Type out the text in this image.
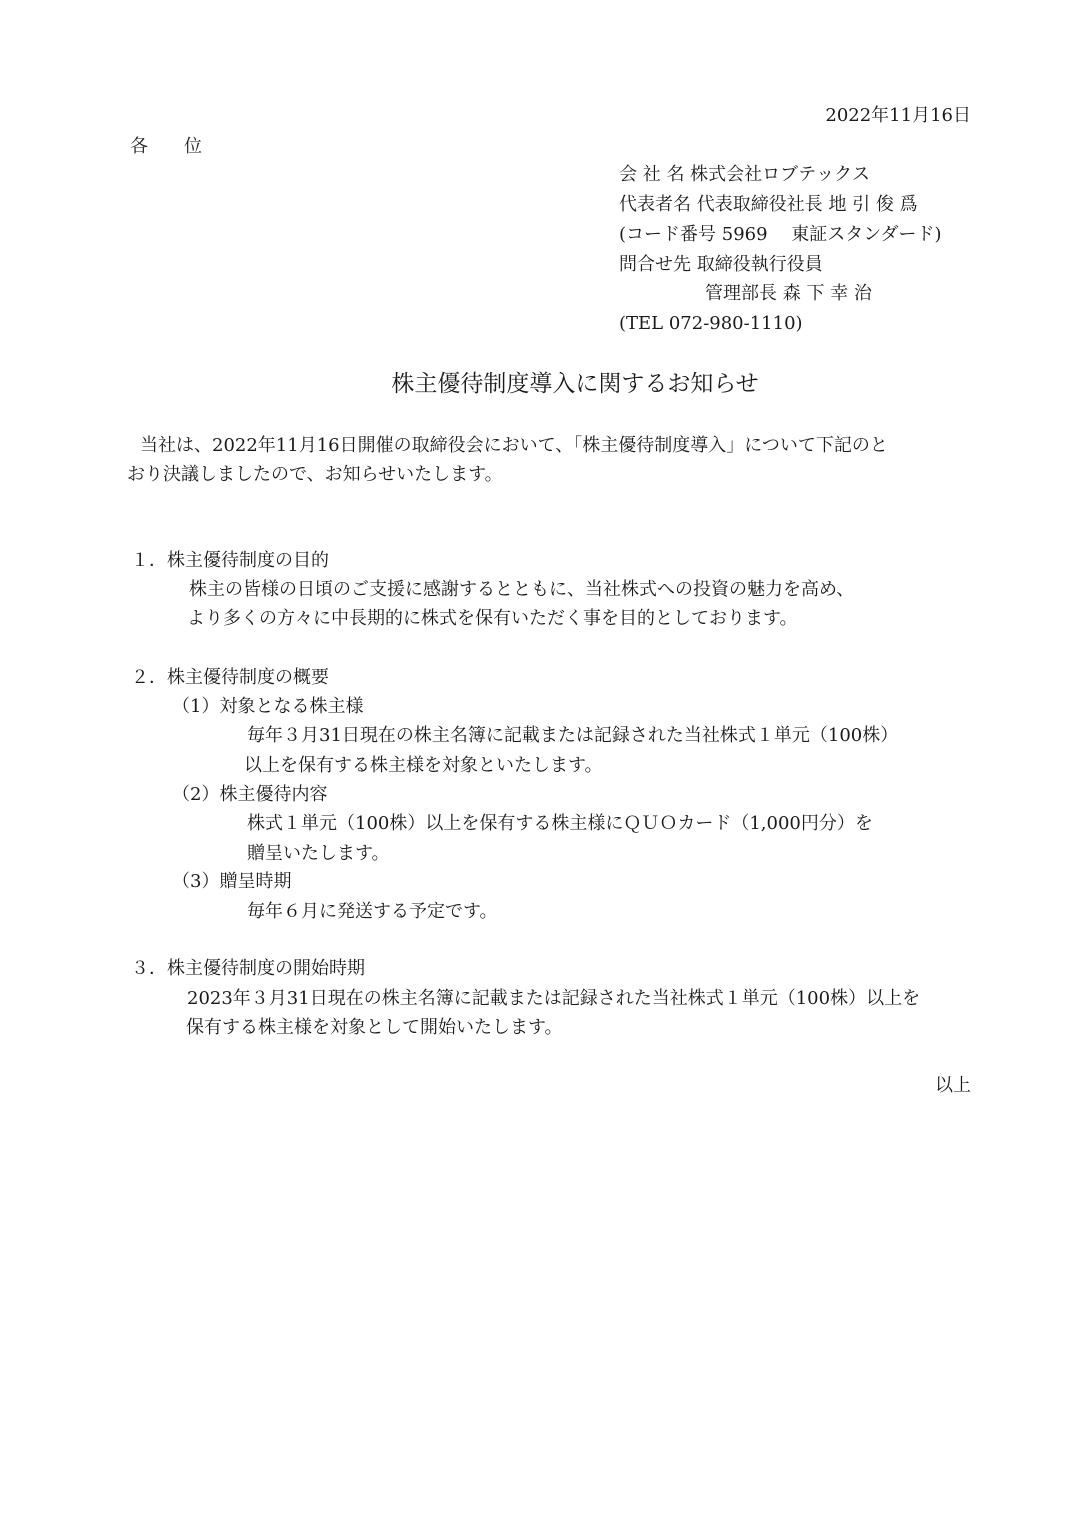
2022年11月16日
各　　位
会 社 名 株式会社ロブテックス
代表者名 代表取締役社長 地 引 俊 爲
(コード番号 5969　 東証スタンダード)
問合せ先 取締役執行役員
管理部長 森 下 幸 治
(TEL 072-980-1110)
株主優待制度導入に関するお知らせ
当社は、2022年11月16日開催の取締役会において、「株主優待制度導入」について下記のと
おり決議しましたので、お知らせいたします。
１．株主優待制度の目的
株主の皆様の日頃のご支援に感謝するとともに、当社株式への投資の魅力を高め、
より多くの方々に中長期的に株式を保有いただく事を目的としております。
２．株主優待制度の概要
（1）対象となる株主様
毎年３月31日現在の株主名簿に記載または記録された当社株式１単元（100株）
以上を保有する株主様を対象といたします。
（2）株主優待内容
株式１単元（100株）以上を保有する株主様にＱＵＯカード（1,000円分）を
贈呈いたします。
（3）贈呈時期
毎年６月に発送する予定です。
３．株主優待制度の開始時期
2023年３月31日現在の株主名簿に記載または記録された当社株式１単元（100株）以上を
保有する株主様を対象として開始いたします。
以上
